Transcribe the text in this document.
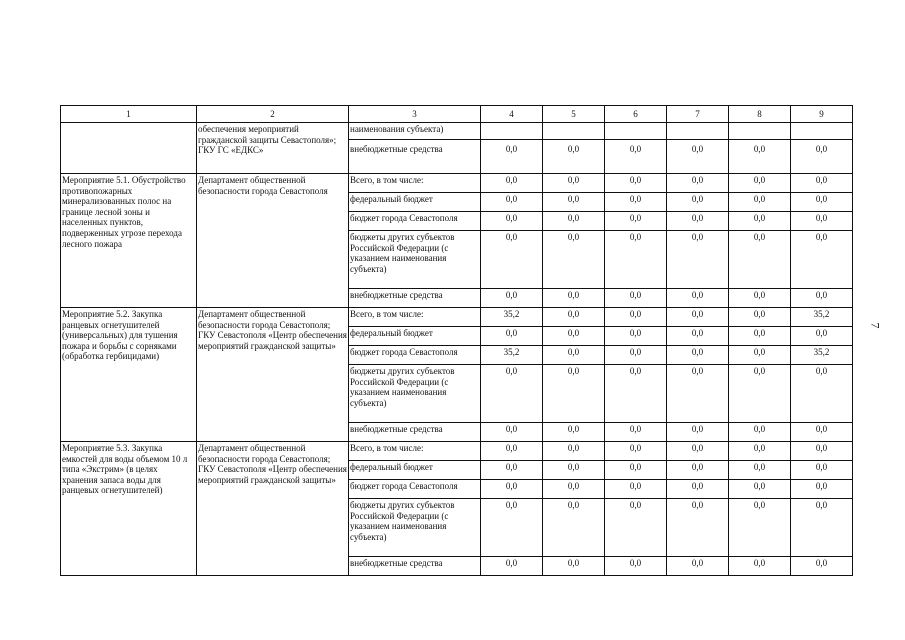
7
1	2	3	4	5	6	7	8	9
	обеспечения мероприятий гражданской защиты Севастополя»; ГКУ ГС «ЕДКС»	наименования субъекта)						
		внебюджетные средства	0,0	0,0	0,0	0,0	0,0	0,0
Мероприятие 5.1. Обустройство противопожарных минерализованных полос на границе лесной зоны и населенных пунктов, подверженных угрозе перехода лесного пожара	Департамент общественной безопасности города Севастополя	Всего, в том числе:	0,0	0,0	0,0	0,0	0,0	0,0
		федеральный бюджет	0,0	0,0	0,0	0,0	0,0	0,0
		бюджет города Севастополя	0,0	0,0	0,0	0,0	0,0	0,0
		бюджеты других субъектов Российской Федерации (с указанием наименования субъекта)	0,0	0,0	0,0	0,0	0,0	0,0
		внебюджетные средства	0,0	0,0	0,0	0,0	0,0	0,0
Мероприятие 5.2. Закупка ранцевых огнетушителей (универсальных) для тушения пожара и борьбы с сорняками (обработка гербицидами)	Департамент общественной безопасности города Севастополя; ГКУ Севастополя «Центр обеспечения мероприятий гражданской защиты»	Всего, в том числе:	35,2	0,0	0,0	0,0	0,0	35,2
		федеральный бюджет	0,0	0,0	0,0	0,0	0,0	0,0
		бюджет города Севастополя	35,2	0,0	0,0	0,0	0,0	35,2
		бюджеты других субъектов Российской Федерации (с указанием наименования субъекта)	0,0	0,0	0,0	0,0	0,0	0,0
		внебюджетные средства	0,0	0,0	0,0	0,0	0,0	0,0
Мероприятие 5.3. Закупка емкостей для воды объемом 10 л типа «Экстрим» (в целях хранения запаса воды для ранцевых огнетушителей)	Департамент общественной безопасности города Севастополя; ГКУ Севастополя «Центр обеспечения мероприятий гражданской защиты»	Всего, в том числе:	0,0	0,0	0,0	0,0	0,0	0,0
		федеральный бюджет	0,0	0,0	0,0	0,0	0,0	0,0
		бюджет города Севастополя	0,0	0,0	0,0	0,0	0,0	0,0
		бюджеты других субъектов Российской Федерации (с указанием наименования субъекта)	0,0	0,0	0,0	0,0	0,0	0,0
		внебюджетные средства	0,0	0,0	0,0	0,0	0,0	0,0
